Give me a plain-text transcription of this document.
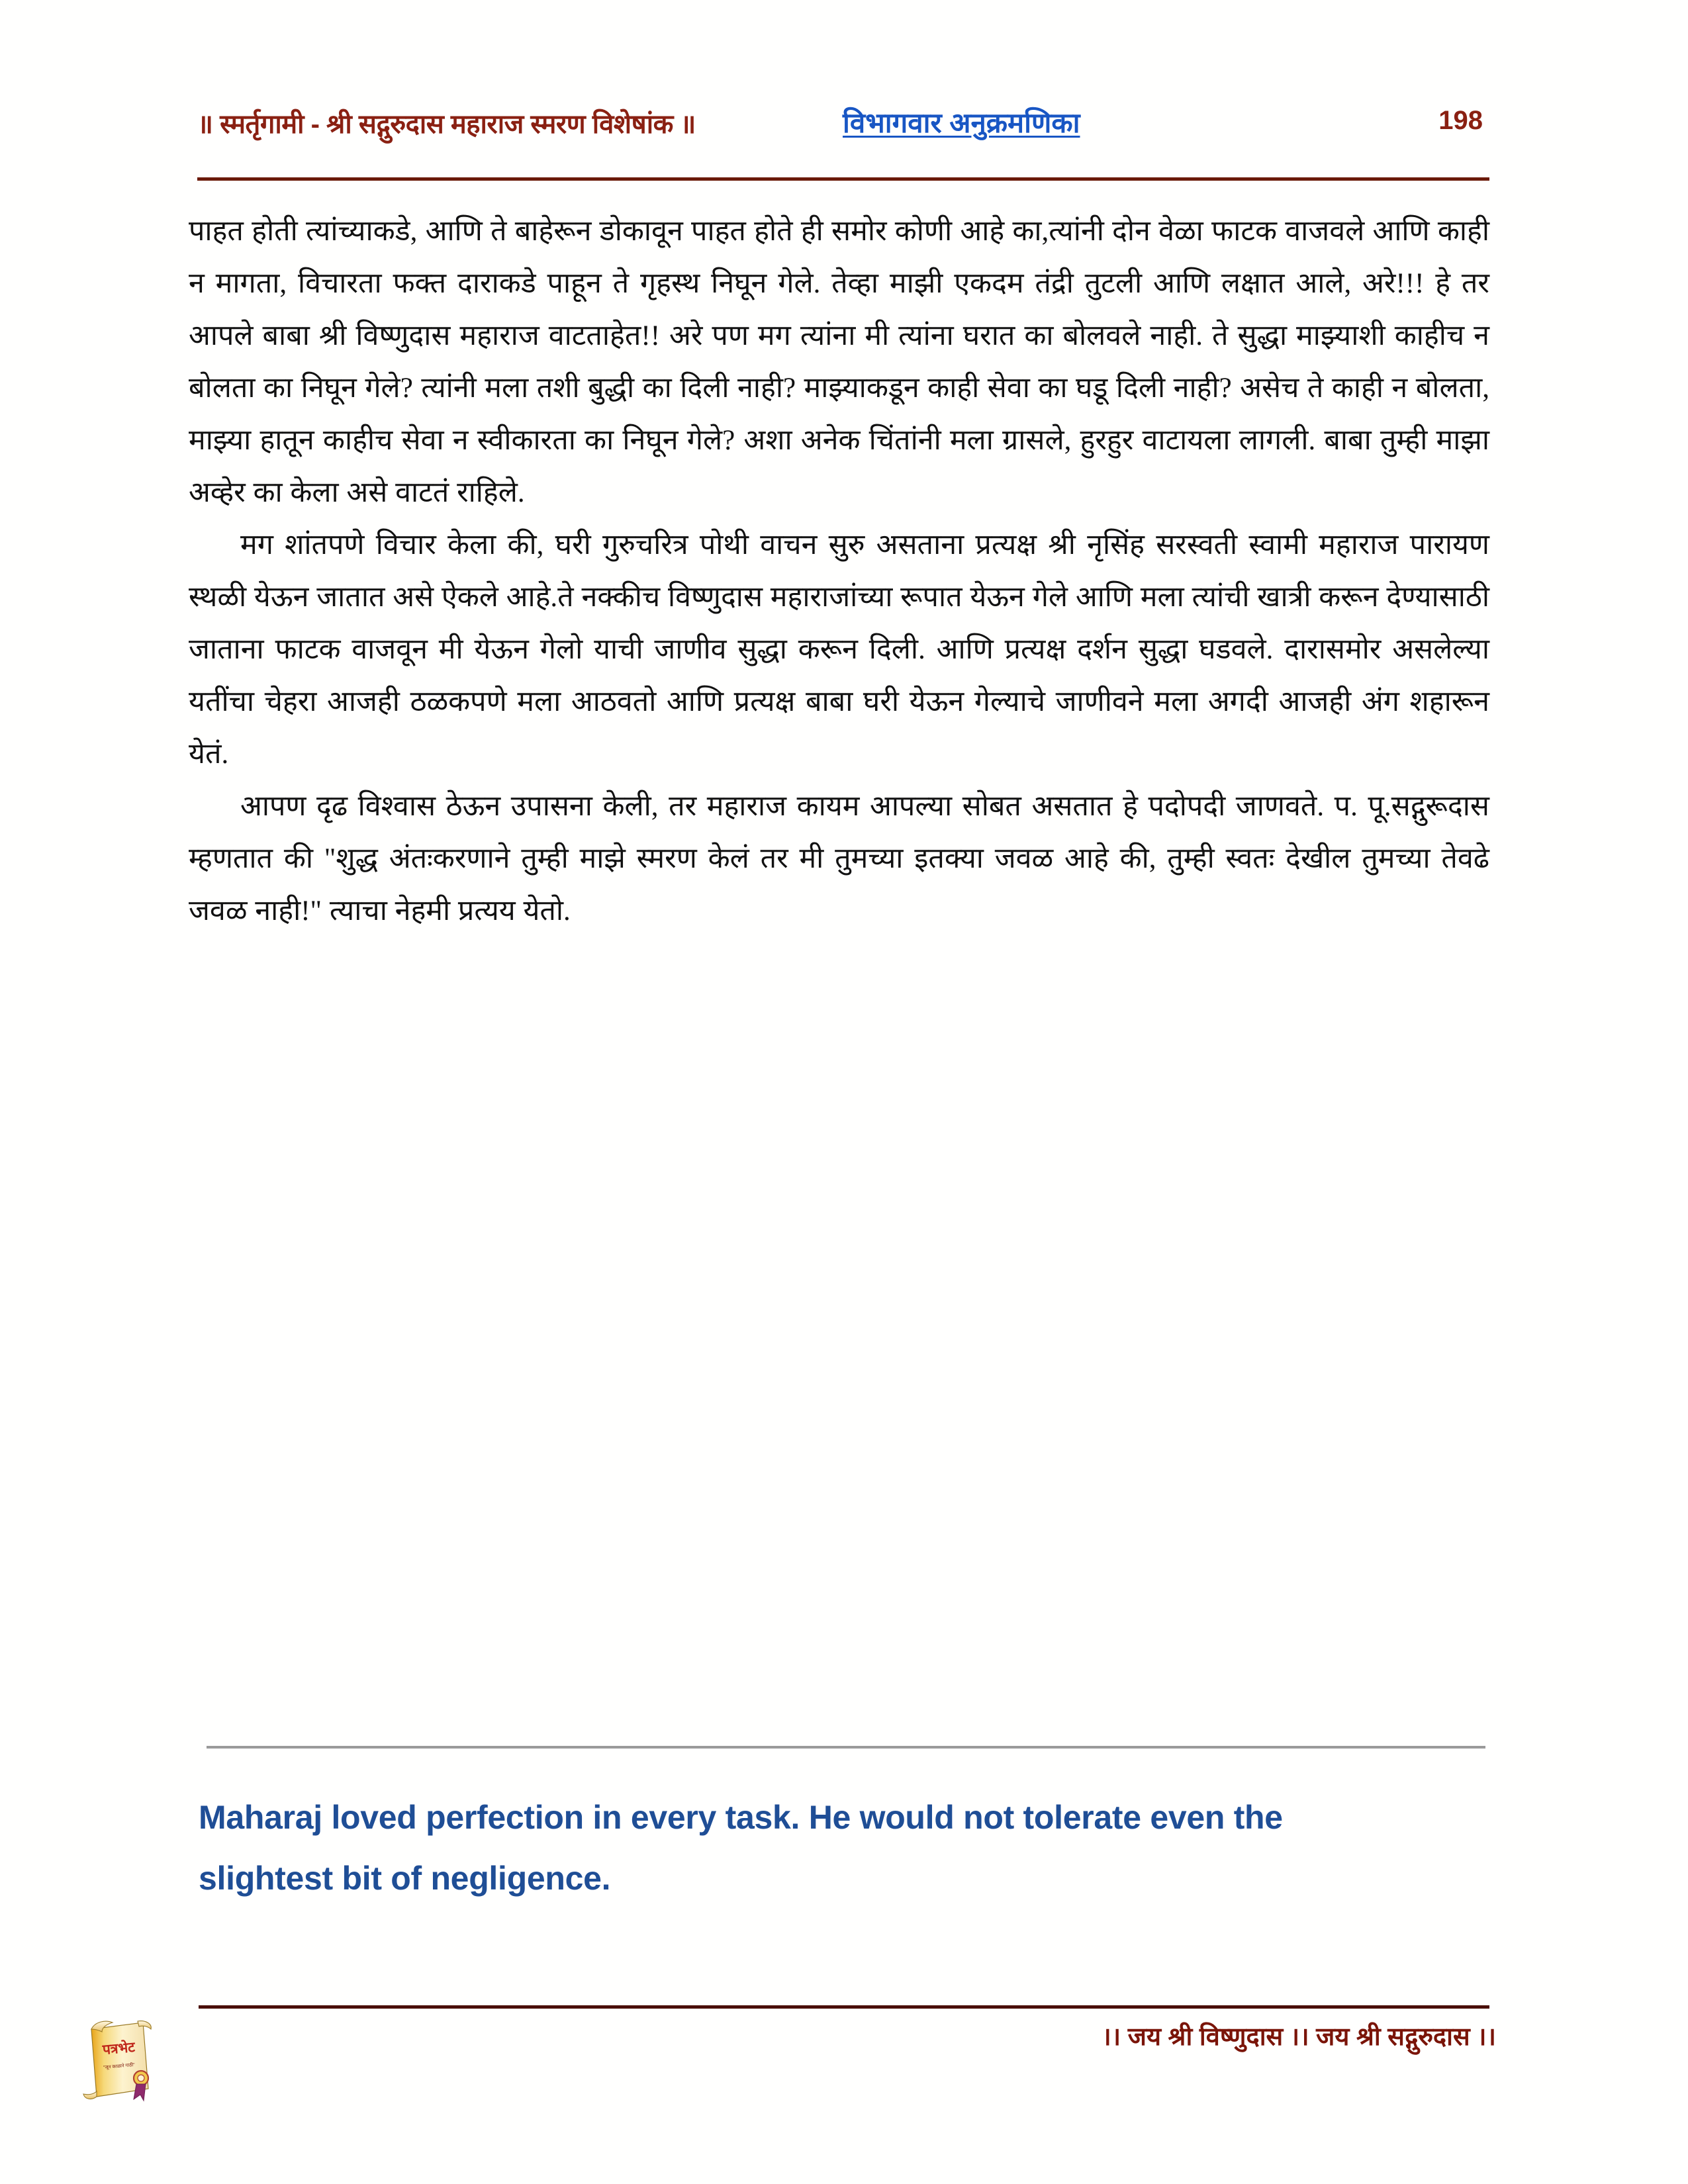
॥ स्मर्तृगामी - श्री सद्गुरुदास महाराज स्मरण विशेषांक ॥	विभागवार अनुक्रमणिका	198

पाहत होती त्यांच्याकडे, आणि ते बाहेरून डोकावून पाहत होते ही समोर कोणी आहे का,त्यांनी दोन वेळा फाटक वाजवले आणि काही न मागता, विचारता फक्त दाराकडे पाहून ते गृहस्थ निघून गेले. तेव्हा माझी एकदम तंद्री तुटली आणि लक्षात आले, अरे!!! हे तर आपले बाबा श्री विष्णुदास महाराज वाटताहेत!! अरे पण मग त्यांना मी त्यांना घरात का बोलवले नाही. ते सुद्धा माझ्याशी काहीच न बोलता का निघून गेले? त्यांनी मला तशी बुद्धी का दिली नाही? माझ्याकडून काही सेवा का घडू दिली नाही? असेच ते काही न बोलता, माझ्या हातून काहीच सेवा न स्वीकारता का निघून गेले? अशा अनेक चिंतांनी मला ग्रासले, हुरहुर वाटायला लागली. बाबा तुम्ही माझा अव्हेर का केला असे वाटतं राहिले.

मग शांतपणे विचार केला की, घरी गुरुचरित्र पोथी वाचन सुरु असताना प्रत्यक्ष श्री नृसिंह सरस्वती स्वामी महाराज पारायण स्थळी येऊन जातात असे ऐकले आहे.ते नक्कीच विष्णुदास महाराजांच्या रूपात येऊन गेले आणि मला त्यांची खात्री करून देण्यासाठी जाताना फाटक वाजवून मी येऊन गेलो याची जाणीव सुद्धा करून दिली. आणि प्रत्यक्ष दर्शन सुद्धा घडवले. दारासमोर असलेल्या यतींचा चेहरा आजही ठळकपणे मला आठवतो आणि प्रत्यक्ष बाबा घरी येऊन गेल्याचे जाणीवने मला अगदी आजही अंग शहारून येतं.

आपण दृढ विश्वास ठेऊन उपासना केली, तर महाराज कायम आपल्या सोबत असतात हे पदोपदी जाणवते. प. पू.सद्गुरूदास म्हणतात की "शुद्ध अंतःकरणाने तुम्ही माझे स्मरण केलं तर मी तुमच्या इतक्या जवळ आहे की, तुम्ही स्वतः देखील तुमच्या तेवढे जवळ नाही!" त्याचा नेहमी प्रत्यय येतो.

Maharaj loved perfection in every task. He would not tolerate even the slightest bit of negligence.
।। जय श्री विष्णुदास ।। जय श्री सद्गुरुदास ।।
पत्रभेट
"जून काळाने गाठी"
